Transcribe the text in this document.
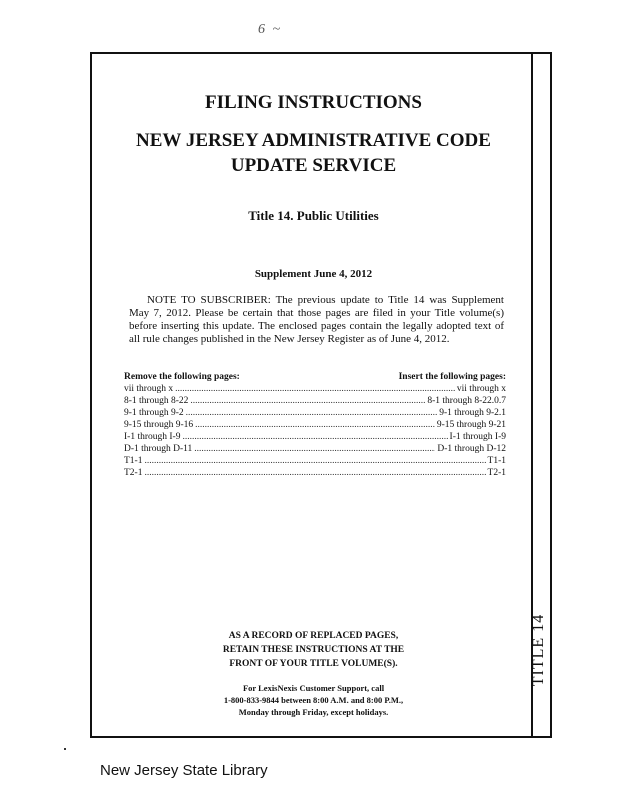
6 ~
FILING INSTRUCTIONS
NEW JERSEY ADMINISTRATIVE CODE
UPDATE SERVICE
Title 14. Public Utilities
Supplement June 4, 2012
NOTE TO SUBSCRIBER: The previous update to Title 14 was Supplement May 7, 2012. Please be certain that those pages are filed in your Title volume(s) before inserting this update. The enclosed pages contain the legally adopted text of all rule changes published in the New Jersey Register as of June 4, 2012.
Remove the following pages:	Insert the following pages:
vii through x .....	vii through x
8-1 through 8-22 .....	8-1 through 8-22.0.7
9-1 through 9-2 .....	9-1 through 9-2.1
9-15 through 9-16 .....	9-15 through 9-21
I-1 through I-9 .....	I-1 through I-9
D-1 through D-11 .....	D-1 through D-12
T1-1 .....	T1-1
T2-1 .....	T2-1
AS A RECORD OF REPLACED PAGES,
RETAIN THESE INSTRUCTIONS AT THE
FRONT OF YOUR TITLE VOLUME(S).
For LexisNexis Customer Support, call
1-800-833-9844 between 8:00 A.M. and 8:00 P.M.,
Monday through Friday, except holidays.
TITLE 14
New Jersey State Library
